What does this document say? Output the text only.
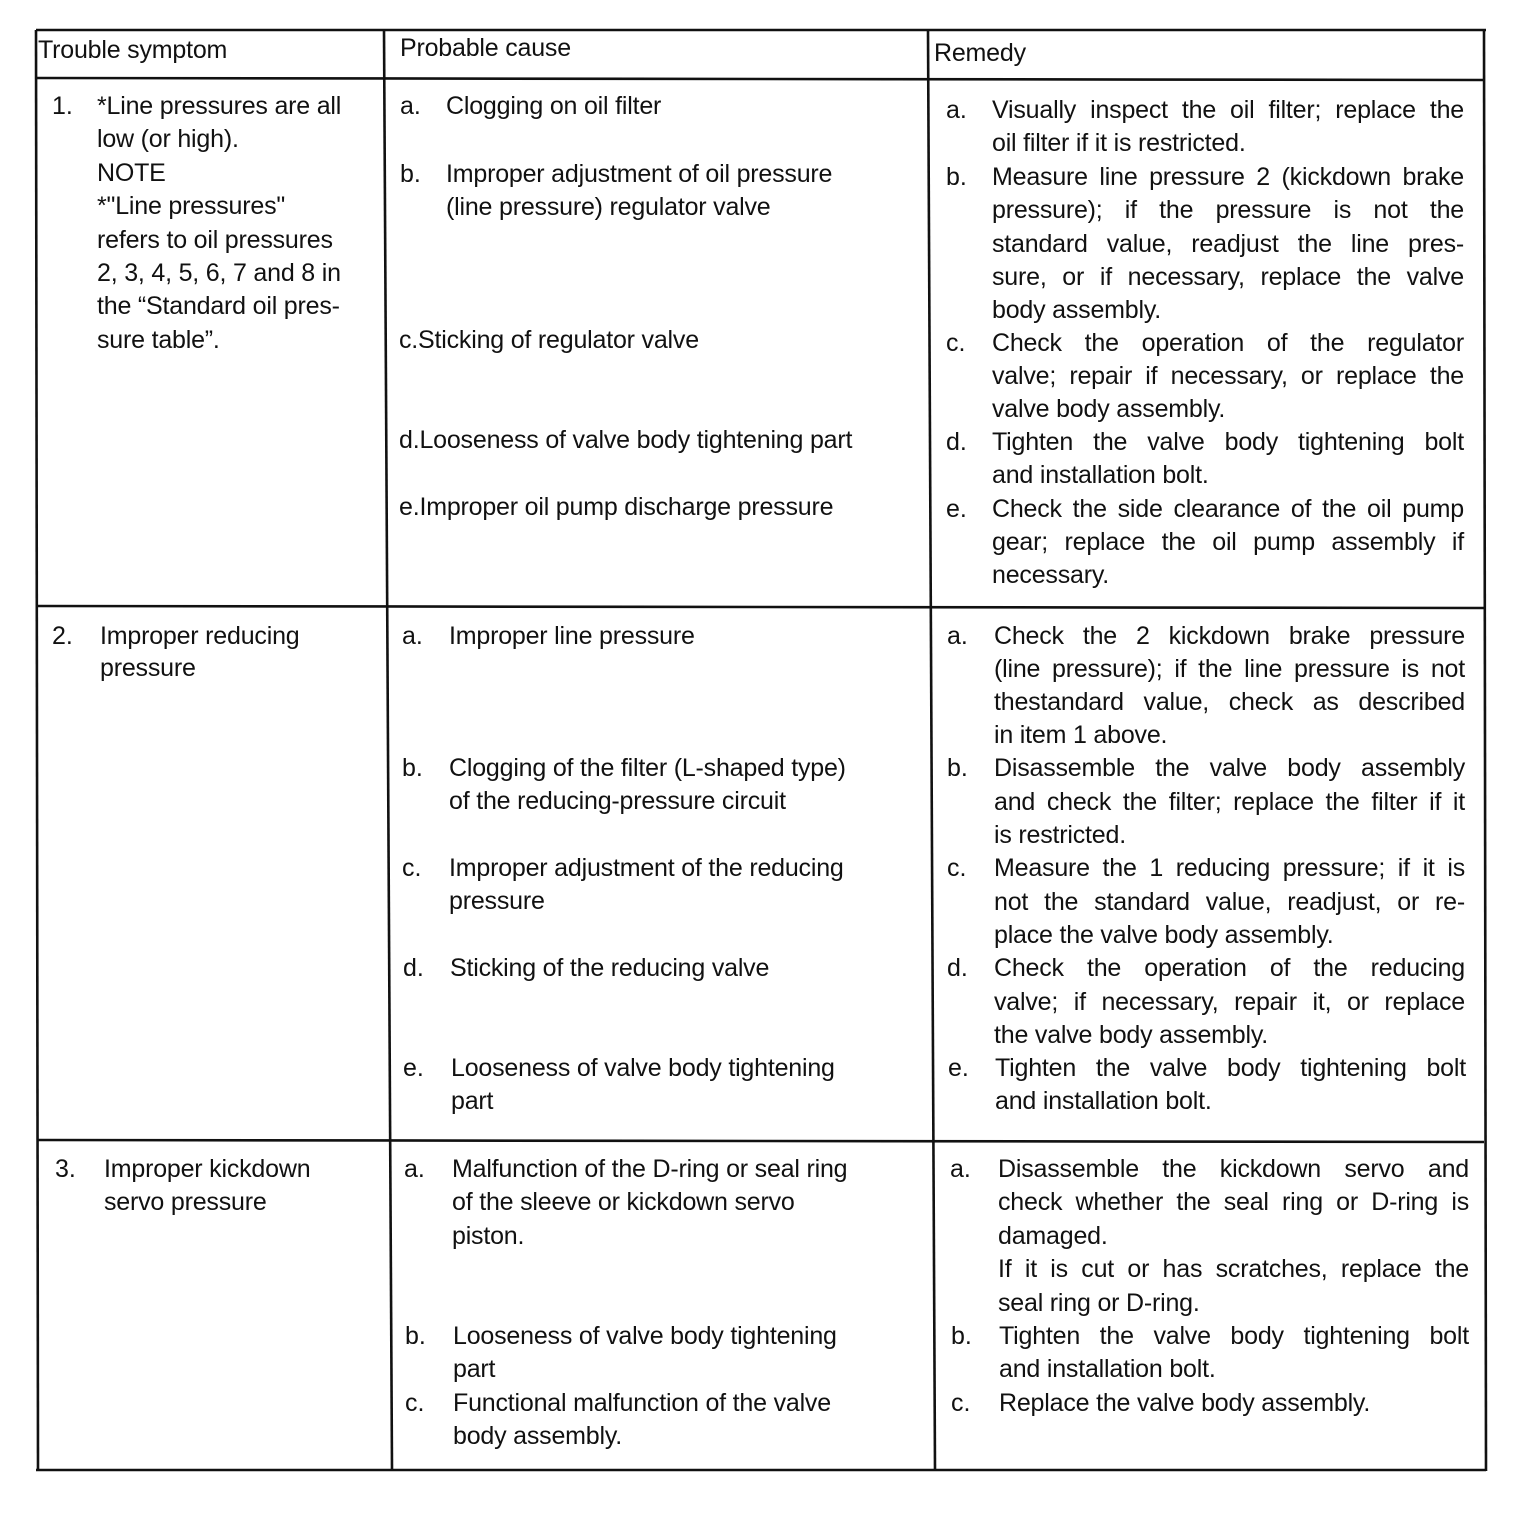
Trouble symptom	Probable cause	Remedy
1. *Line pressures are all
low (or high).
NOTE
*"Line pressures"
refers to oil pressures
2, 3, 4, 5, 6, 7 and 8 in
the “Standard oil pres-
sure table”.
a. Clogging on oil filter
b. Improper adjustment of oil pressure
(line pressure) regulator valve
c.Sticking of regulator valve
d.Looseness of valve body tightening part
e.Improper oil pump discharge pressure
a. Visually inspect the oil filter; replace the
oil filter if it is restricted.
b. Measure line pressure 2 (kickdown brake
pressure); if the pressure is not the
standard value, readjust the line pres-
sure, or if necessary, replace the valve
body assembly.
c. Check the operation of the regulator
valve; repair if necessary, or replace the
valve body assembly.
d. Tighten the valve body tightening bolt
and installation bolt.
e. Check the side clearance of the oil pump
gear; replace the oil pump assembly if
necessary.
2. Improper reducing
pressure
a. Improper line pressure
b. Clogging of the filter (L-shaped type)
of the reducing-pressure circuit
c. Improper adjustment of the reducing
pressure
d. Sticking of the reducing valve
e. Looseness of valve body tightening
part
a. Check the 2 kickdown brake pressure
(line pressure); if the line pressure is not
thestandard value, check as described
in item 1 above.
b. Disassemble the valve body assembly
and check the filter; replace the filter if it
is restricted.
c. Measure the 1 reducing pressure; if it is
not the standard value, readjust, or re-
place the valve body assembly.
d. Check the operation of the reducing
valve; if necessary, repair it, or replace
the valve body assembly.
e. Tighten the valve body tightening bolt
and installation bolt.
3. Improper kickdown
servo pressure
a. Malfunction of the D-ring or seal ring
of the sleeve or kickdown servo
piston.
b. Looseness of valve body tightening
part
c. Functional malfunction of the valve
body assembly.
a. Disassemble the kickdown servo and
check whether the seal ring or D-ring is
damaged.
If it is cut or has scratches, replace the
seal ring or D-ring.
b. Tighten the valve body tightening bolt
and installation bolt.
c. Replace the valve body assembly.
